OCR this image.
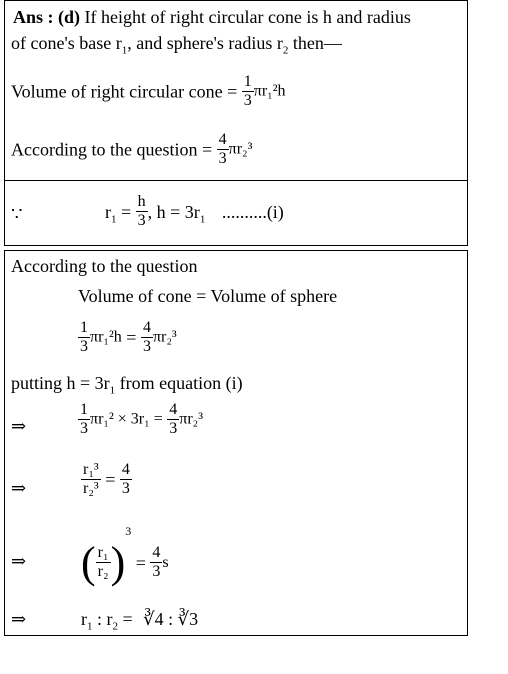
Ans : (d) If height of right circular cone is h and radius
of cone's base $r_1$, and sphere's radius $r_2$ then—
Volume of right circular cone = $\frac{1}{3} \pi r_1^2h$
According to the question = $\frac{4}{3} \pi r_2^3$
∵	$r_1 = \frac{h}{3}$ , $h = 3r_1$ ..........(i)
According to the question
Volume of cone = Volume of sphere
$\frac{1}{3} \pi r_1^2h = \frac{4}{3} \pi r_2^3$
putting $h = 3r_1$ from equation (i)
⇒	$\frac{1}{3} \pi r_1^2 \times 3r_1 = \frac{4}{3} \pi r_2^3$
⇒	$\frac{\text{r₁³}}{\text{r₂³}} = \frac{4}{3}$
⇒ ( $\frac{\text{r₁}}{\text{r₂}} )^3 = \frac{4}{3}$ s
⇒	$r_1$ : $r_2$ = ∛4 : ∛3
